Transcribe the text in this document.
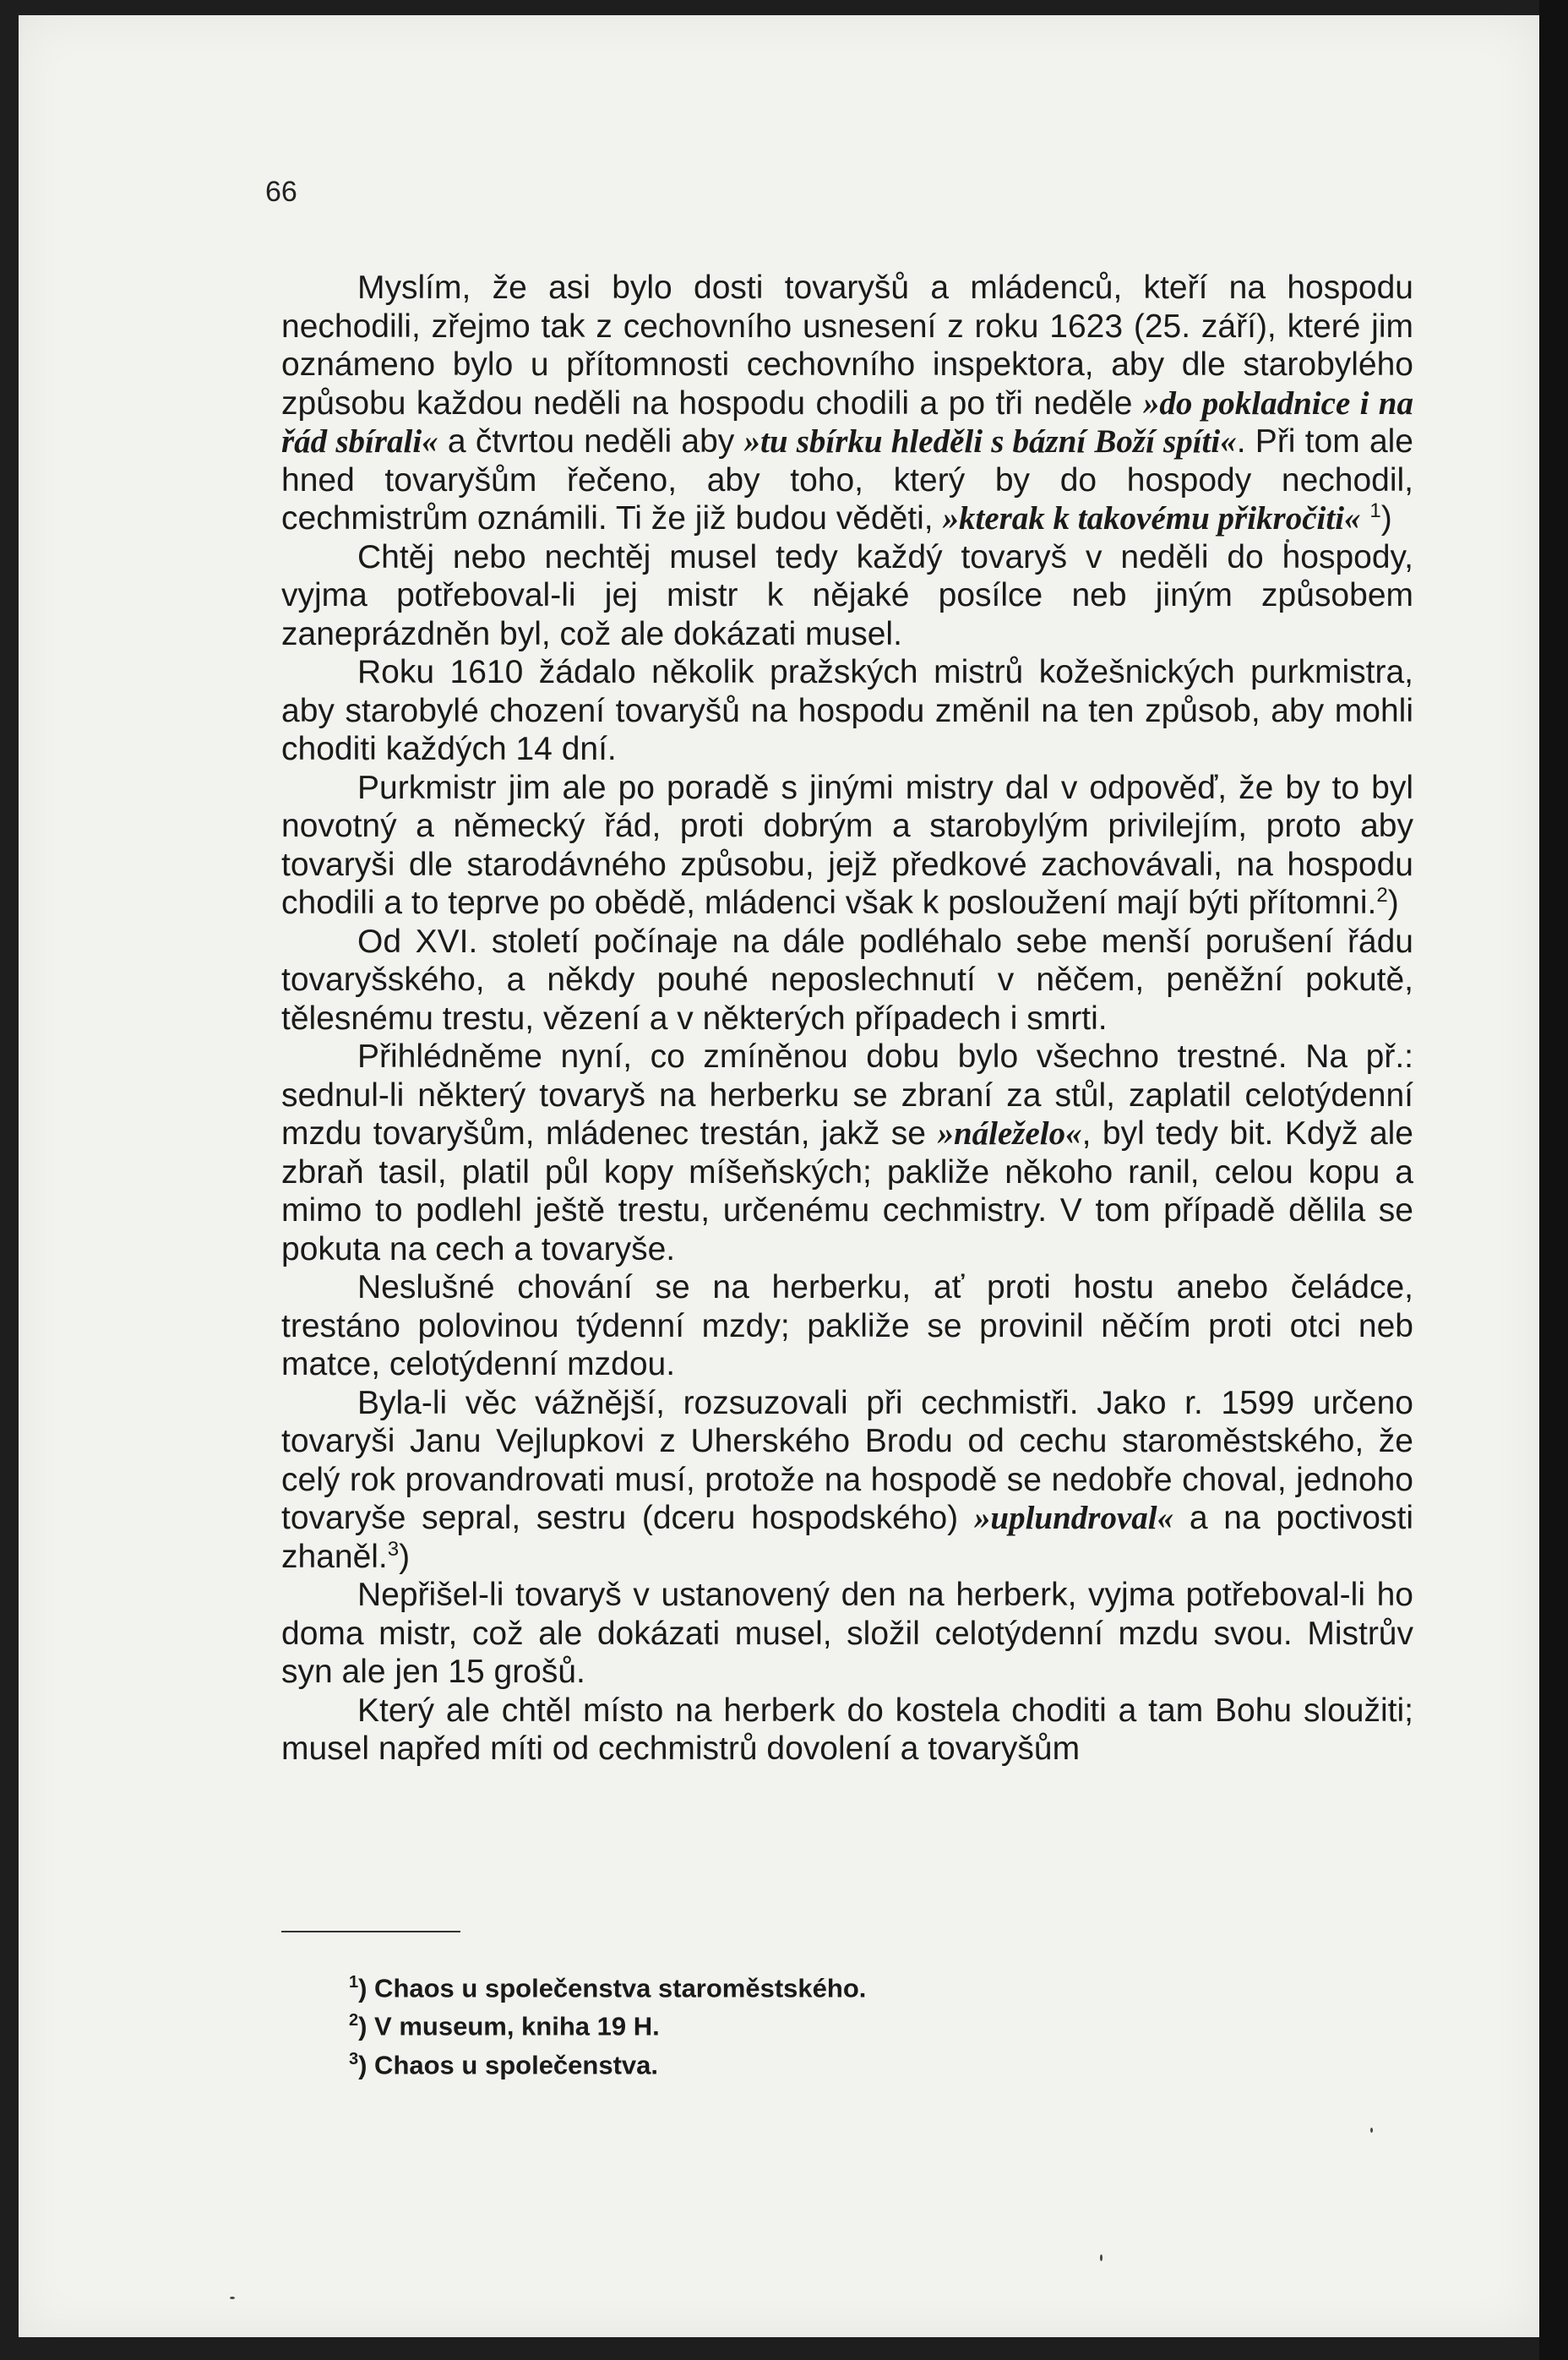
66

Myslím, že asi bylo dosti tovaryšů a mládenců, kteří na hospodu nechodili, zřejmo tak z cechovního usnesení z roku 1623 (25. září), které jim oznámeno bylo u přítomnosti cechovního inspektora, aby dle starobylého způsobu každou neděli na hospodu chodili a po tři neděle »do pokladnice i na řád sbírali« a čtvrtou neděli aby »tu sbírku hleděli s bázní Boží spíti«. Při tom ale hned tovaryšům řečeno, aby toho, který by do hospody nechodil, cechmistrům oznámili. Ti že již budou věděti, »kterak k takovému přikročiti« $^1$)

Chtěj nebo nechtěj musel tedy každý tovaryš v neděli do hospody, vyjma potřeboval-li jej mistr k nějaké posílce neb jiným způsobem zaneprázdněn byl, což ale dokázati musel.

Roku 1610 žádalo několik pražských mistrů kožešnických purkmistra, aby starobylé chození tovaryšů na hospodu změnil na ten způsob, aby mohli choditi každých 14 dní.

Purkmistr jim ale po poradě s jinými mistry dal v odpověď, že by to byl novotný a německý řád, proti dobrým a starobylým privilejím, proto aby tovaryši dle starodávného způsobu, jejž předkové zachovávali, na hospodu chodili a to teprve po obědě, mládenci však k posloužení mají býti přítomni.$^2$)

Od XVI. století počínaje na dále podléhalo sebe menší porušení řádu tovaryšského, a někdy pouhé neposlechnutí v něčem, peněžní pokutě, tělesnému trestu, vězení a v některých případech i smrti.

Přihlédněme nyní, co zmíněnou dobu bylo všechno trestné. Na př.: sednul-li některý tovaryš na herberku se zbraní za stůl, zaplatil celotýdenní mzdu tovaryšům, mládenec trestán, jakž se »náleželo«, byl tedy bit. Když ale zbraň tasil, platil půl kopy míšeňských; pakliže někoho ranil, celou kopu a mimo to podlehl ještě trestu, určenému cechmistry. V tom případě dělila se pokuta na cech a tovaryše.

Neslušné chování se na herberku, ať proti hostu anebo čeládce, trestáno polovinou týdenní mzdy; pakliže se provinil něčím proti otci neb matce, celotýdenní mzdou.

Byla-li věc vážnější, rozsuzovali při cechmistři. Jako r. 1599 určeno tovaryši Janu Vejlupkovi z Uherského Brodu od cechu staroměstského, že celý rok provandrovati musí, protože na hospodě se nedobře choval, jednoho tovaryše sepral, sestru (dceru hospodského) »uplundroval« a na poctivosti zhaněl.$^3$)

Nepřišel-li tovaryš v ustanovený den na herberk, vyjma potřeboval-li ho doma mistr, což ale dokázati musel, složil celotýdenní mzdu svou. Mistrův syn ale jen 15 grošů.

Který ale chtěl místo na herberk do kostela choditi a tam Bohu sloužiti; musel napřed míti od cechmistrů dovolení a tovaryšům

$^1$) Chaos u společenstva staroměstského.
$^2$) V museum, kniha 19 H.
$^3$) Chaos u společenstva.
